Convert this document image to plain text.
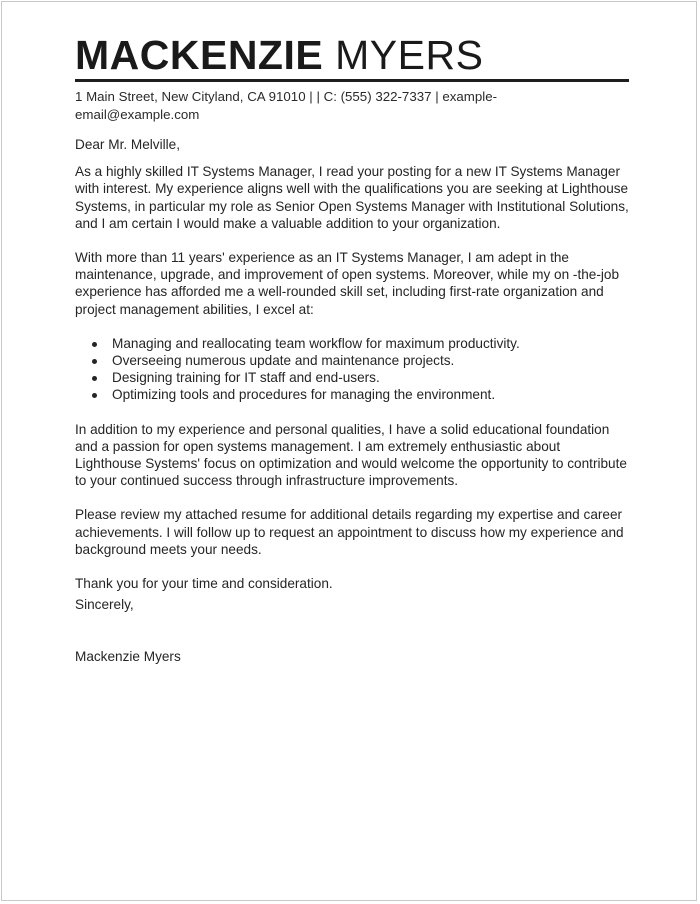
MACKENZIE MYERS
1 Main Street, New Cityland, CA 91010 | | C: (555) 322-7337 | example-email@example.com
Dear Mr. Melville,
As a highly skilled IT Systems Manager, I read your posting for a new IT Systems Manager with interest. My experience aligns well with the qualifications you are seeking at Lighthouse Systems, in particular my role as Senior Open Systems Manager with Institutional Solutions, and I am certain I would make a valuable addition to your organization.
With more than 11 years' experience as an IT Systems Manager, I am adept in the maintenance, upgrade, and improvement of open systems. Moreover, while my on -the-job experience has afforded me a well-rounded skill set, including first-rate organization and project management abilities, I excel at:
Managing and reallocating team workflow for maximum productivity.
Overseeing numerous update and maintenance projects.
Designing training for IT staff and end-users.
Optimizing tools and procedures for managing the environment.
In addition to my experience and personal qualities, I have a solid educational foundation and a passion for open systems management. I am extremely enthusiastic about Lighthouse Systems' focus on optimization and would welcome the opportunity to contribute to your continued success through infrastructure improvements.
Please review my attached resume for additional details regarding my expertise and career achievements. I will follow up to request an appointment to discuss how my experience and background meets your needs.
Thank you for your time and consideration.
Sincerely,
Mackenzie Myers
